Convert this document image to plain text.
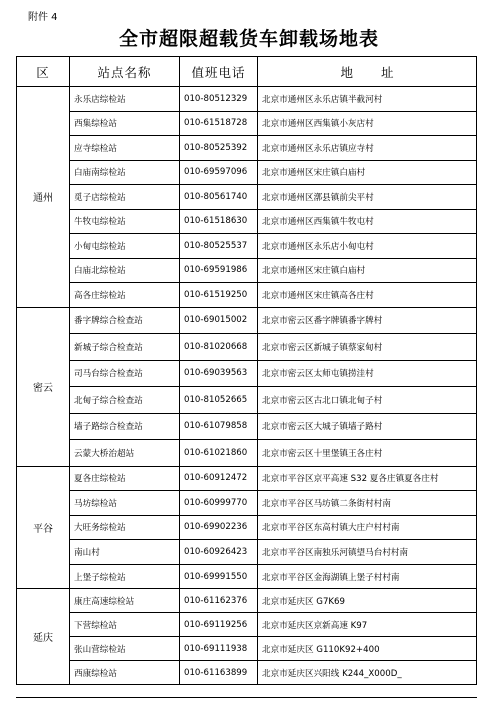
附件 4
全市超限超载货车卸载场地表
区	站点名称	值班电话	地址
通州	永乐店综检站	010-80512329	北京市通州区永乐店镇半截河村
	西集综检站	010-61518728	北京市通州区西集镇小灰店村
	应寺综检站	010-80525392	北京市通州区永乐店镇应寺村
	白庙南综检站	010-69597096	北京市通州区宋庄镇白庙村
	觅子店综检站	010-80561740	北京市通州区漷县镇前尖平村
	牛牧屯综检站	010-61518630	北京市通州区西集镇牛牧屯村
	小甸屯综检站	010-80525537	北京市通州区永乐店小甸屯村
	白庙北综检站	010-69591986	北京市通州区宋庄镇白庙村
	高各庄综检站	010-61519250	北京市通州区宋庄镇高各庄村
密云	番字牌综合检查站	010-69015002	北京市密云区番字牌镇番字牌村
	新城子综合检查站	010-81020668	北京市密云区新城子镇蔡家甸村
	司马台综合检查站	010-69039563	北京市密云区太师屯镇捞洼村
	北甸子综合检查站	010-81052665	北京市密云区古北口镇北甸子村
	墙子路综合检查站	010-61079858	北京市密云区大城子镇墙子路村
	云蒙大桥治超站	010-61021860	北京市密云区十里堡镇王各庄村
平谷	夏各庄综检站	010-60912472	北京市平谷区京平高速 S32 夏各庄镇夏各庄村
	马坊综检站	010-60999770	北京市平谷区马坊镇二条街村村南
	大旺务综检站	010-69902236	北京市平谷区东高村镇大庄户村村南
	南山村	010-60926423	北京市平谷区南独乐河镇望马台村村南
	上堡子综检站	010-69991550	北京市平谷区金海湖镇上堡子村村南
延庆	康庄高速综检站	010-61162376	北京市延庆区 G7K69
	下营综检站	010-69119256	北京市延庆区京新高速 K97
	张山营综检站	010-69111938	北京市延庆区 G110K92+400
	西康综检站	010-61163899	北京市延庆区兴阳线 K244_X000D_
